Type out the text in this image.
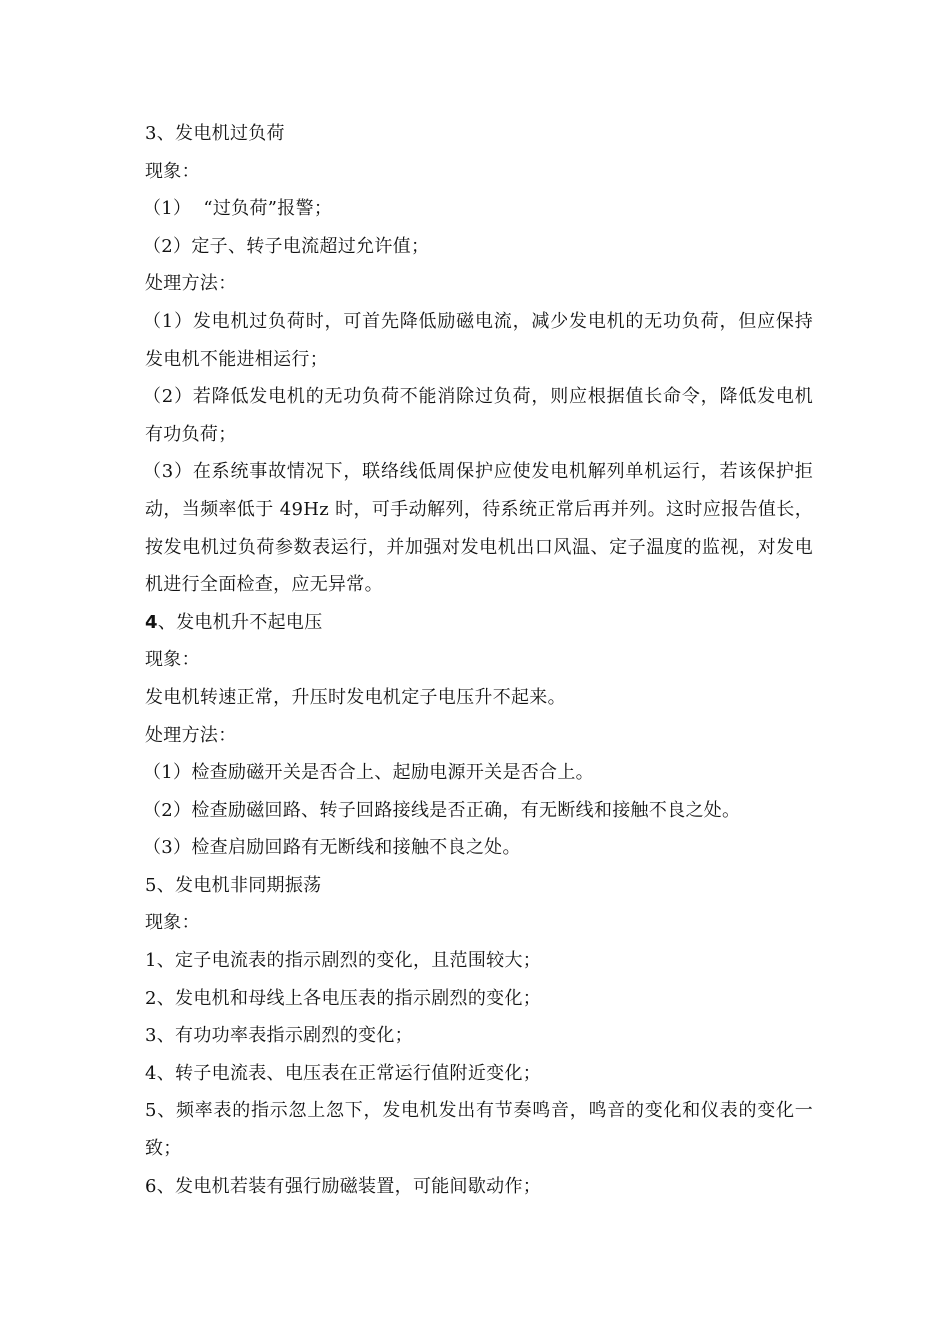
3、发电机过负荷

现象：

（1）  “过负荷”报警；

（2）定子、转子电流超过允许值；

处理方法：

（1）发电机过负荷时，可首先降低励磁电流，减少发电机的无功负荷，但应保持发电机不能进相运行；

（2）若降低发电机的无功负荷不能消除过负荷，则应根据值长命令，降低发电机有功负荷；

（3）在系统事故情况下，联络线低周保护应使发电机解列单机运行，若该保护拒动，当频率低于 49Hz 时，可手动解列，待系统正常后再并列。这时应报告值长，按发电机过负荷参数表运行，并加强对发电机出口风温、定子温度的监视，对发电机进行全面检查，应无异常。

4、发电机升不起电压

现象：

发电机转速正常，升压时发电机定子电压升不起来。

处理方法：

（1）检查励磁开关是否合上、起励电源开关是否合上。

（2）检查励磁回路、转子回路接线是否正确，有无断线和接触不良之处。

（3）检查启励回路有无断线和接触不良之处。

5、发电机非同期振荡

现象：

1、定子电流表的指示剧烈的变化，且范围较大；

2、发电机和母线上各电压表的指示剧烈的变化；

3、有功功率表指示剧烈的变化；

4、转子电流表、电压表在正常运行值附近变化；

5、频率表的指示忽上忽下，发电机发出有节奏鸣音，鸣音的变化和仪表的变化一致；

6、发电机若装有强行励磁装置，可能间歇动作；
